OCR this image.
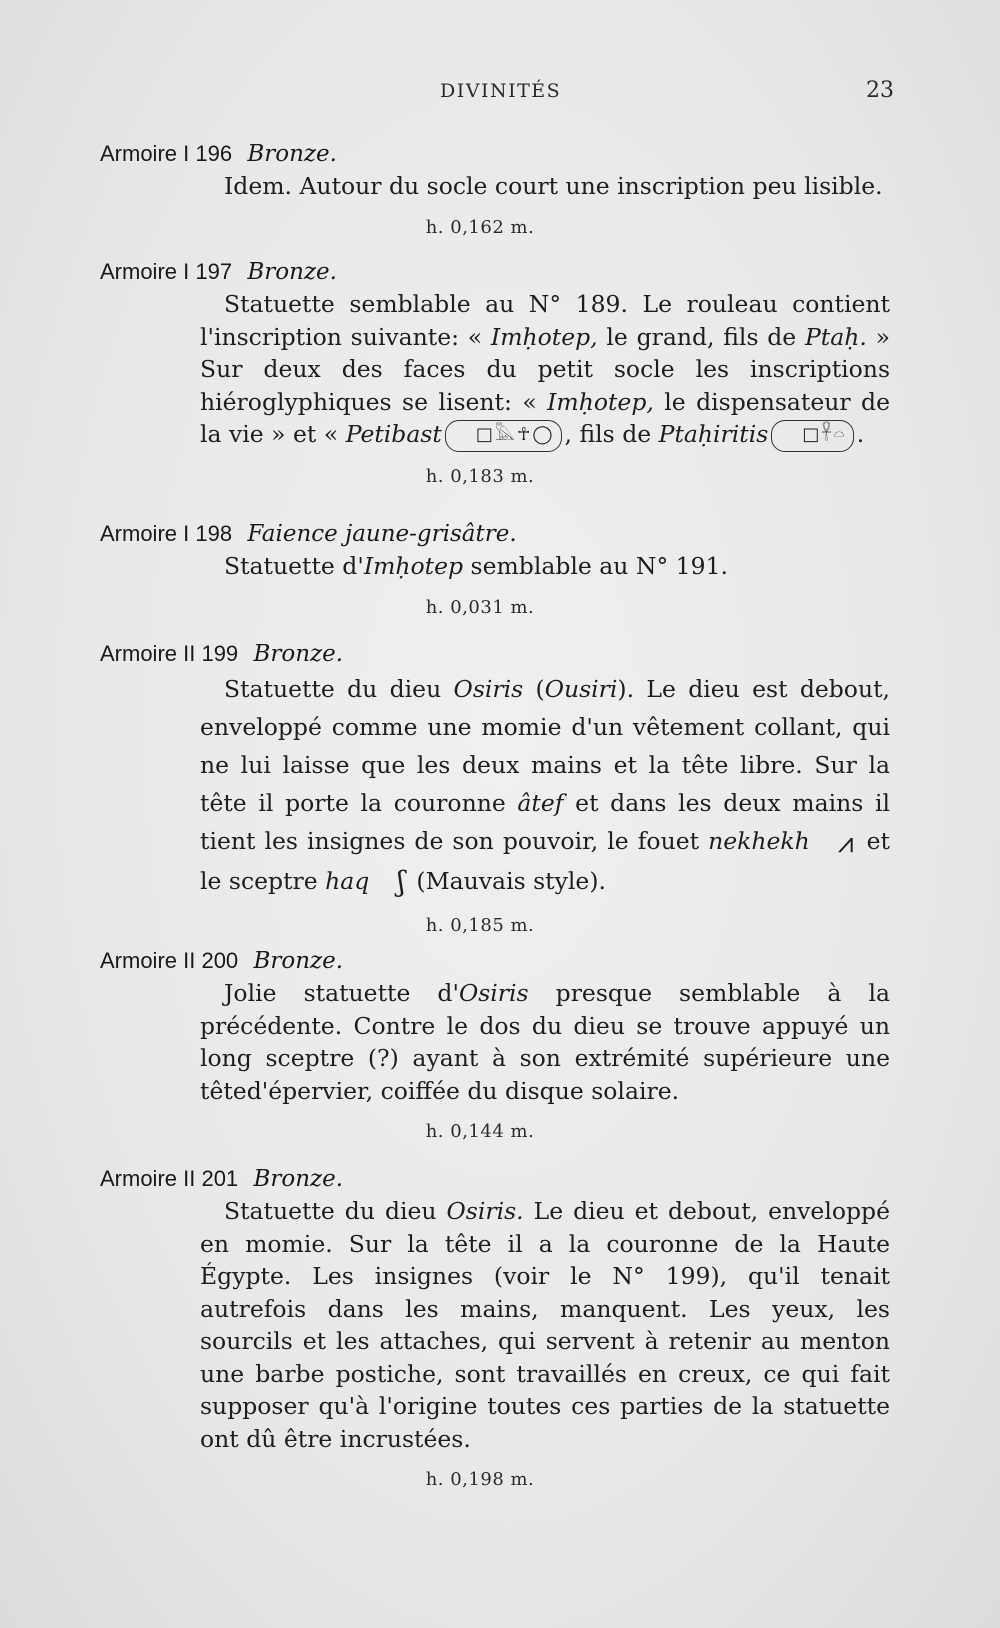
DIVINITÉS	23
Armoire I 196 Bronze.

Idem. Autour du socle court une inscription peu lisible.

h. 0,162 m.
Armoire I 197 Bronze.

Statuette semblable au N° 189. Le rouleau contient l'inscription suivante: « Imḥotep, le grand, fils de Ptaḥ. » Sur deux des faces du petit socle les inscriptions hiéroglyphiques se lisent: « Imḥotep, le dispensateur de la vie » et « Petibast □𓅓☥◯ , fils de Ptaḥiritis □𓋹𓏏 .

h. 0,183 m.
Armoire I 198 Faience jaune-grisâtre.

Statuette d'Imḥotep semblable au N° 191.

h. 0,031 m.
Armoire II 199 Bronze.

Statuette du dieu Osiris (Ousiri). Le dieu est debout, enveloppé comme une momie d'un vêtement collant, qui ne lui laisse que les deux mains et la tête libre. Sur la tête il porte la couronne âtef et dans les deux mains il tient les insignes de son pouvoir, le fouet nekhekh ⩘ et le sceptre haq ʃ (Mauvais style).

h. 0,185 m.
Armoire II 200 Bronze.

Jolie statuette d'Osiris presque semblable à la précédente. Contre le dos du dieu se trouve appuyé un long sceptre (?) ayant à son extrémité supérieure une têted'épervier, coiffée du disque solaire.

h. 0,144 m.
Armoire II 201 Bronze.

Statuette du dieu Osiris. Le dieu et debout, enveloppé en momie. Sur la tête il a la couronne de la Haute Égypte. Les insignes (voir le N° 199), qu'il tenait autrefois dans les mains, manquent. Les yeux, les sourcils et les attaches, qui servent à retenir au menton une barbe postiche, sont travaillés en creux, ce qui fait supposer qu'à l'origine toutes ces parties de la statuette ont dû être incrustées.

h. 0,198 m.
